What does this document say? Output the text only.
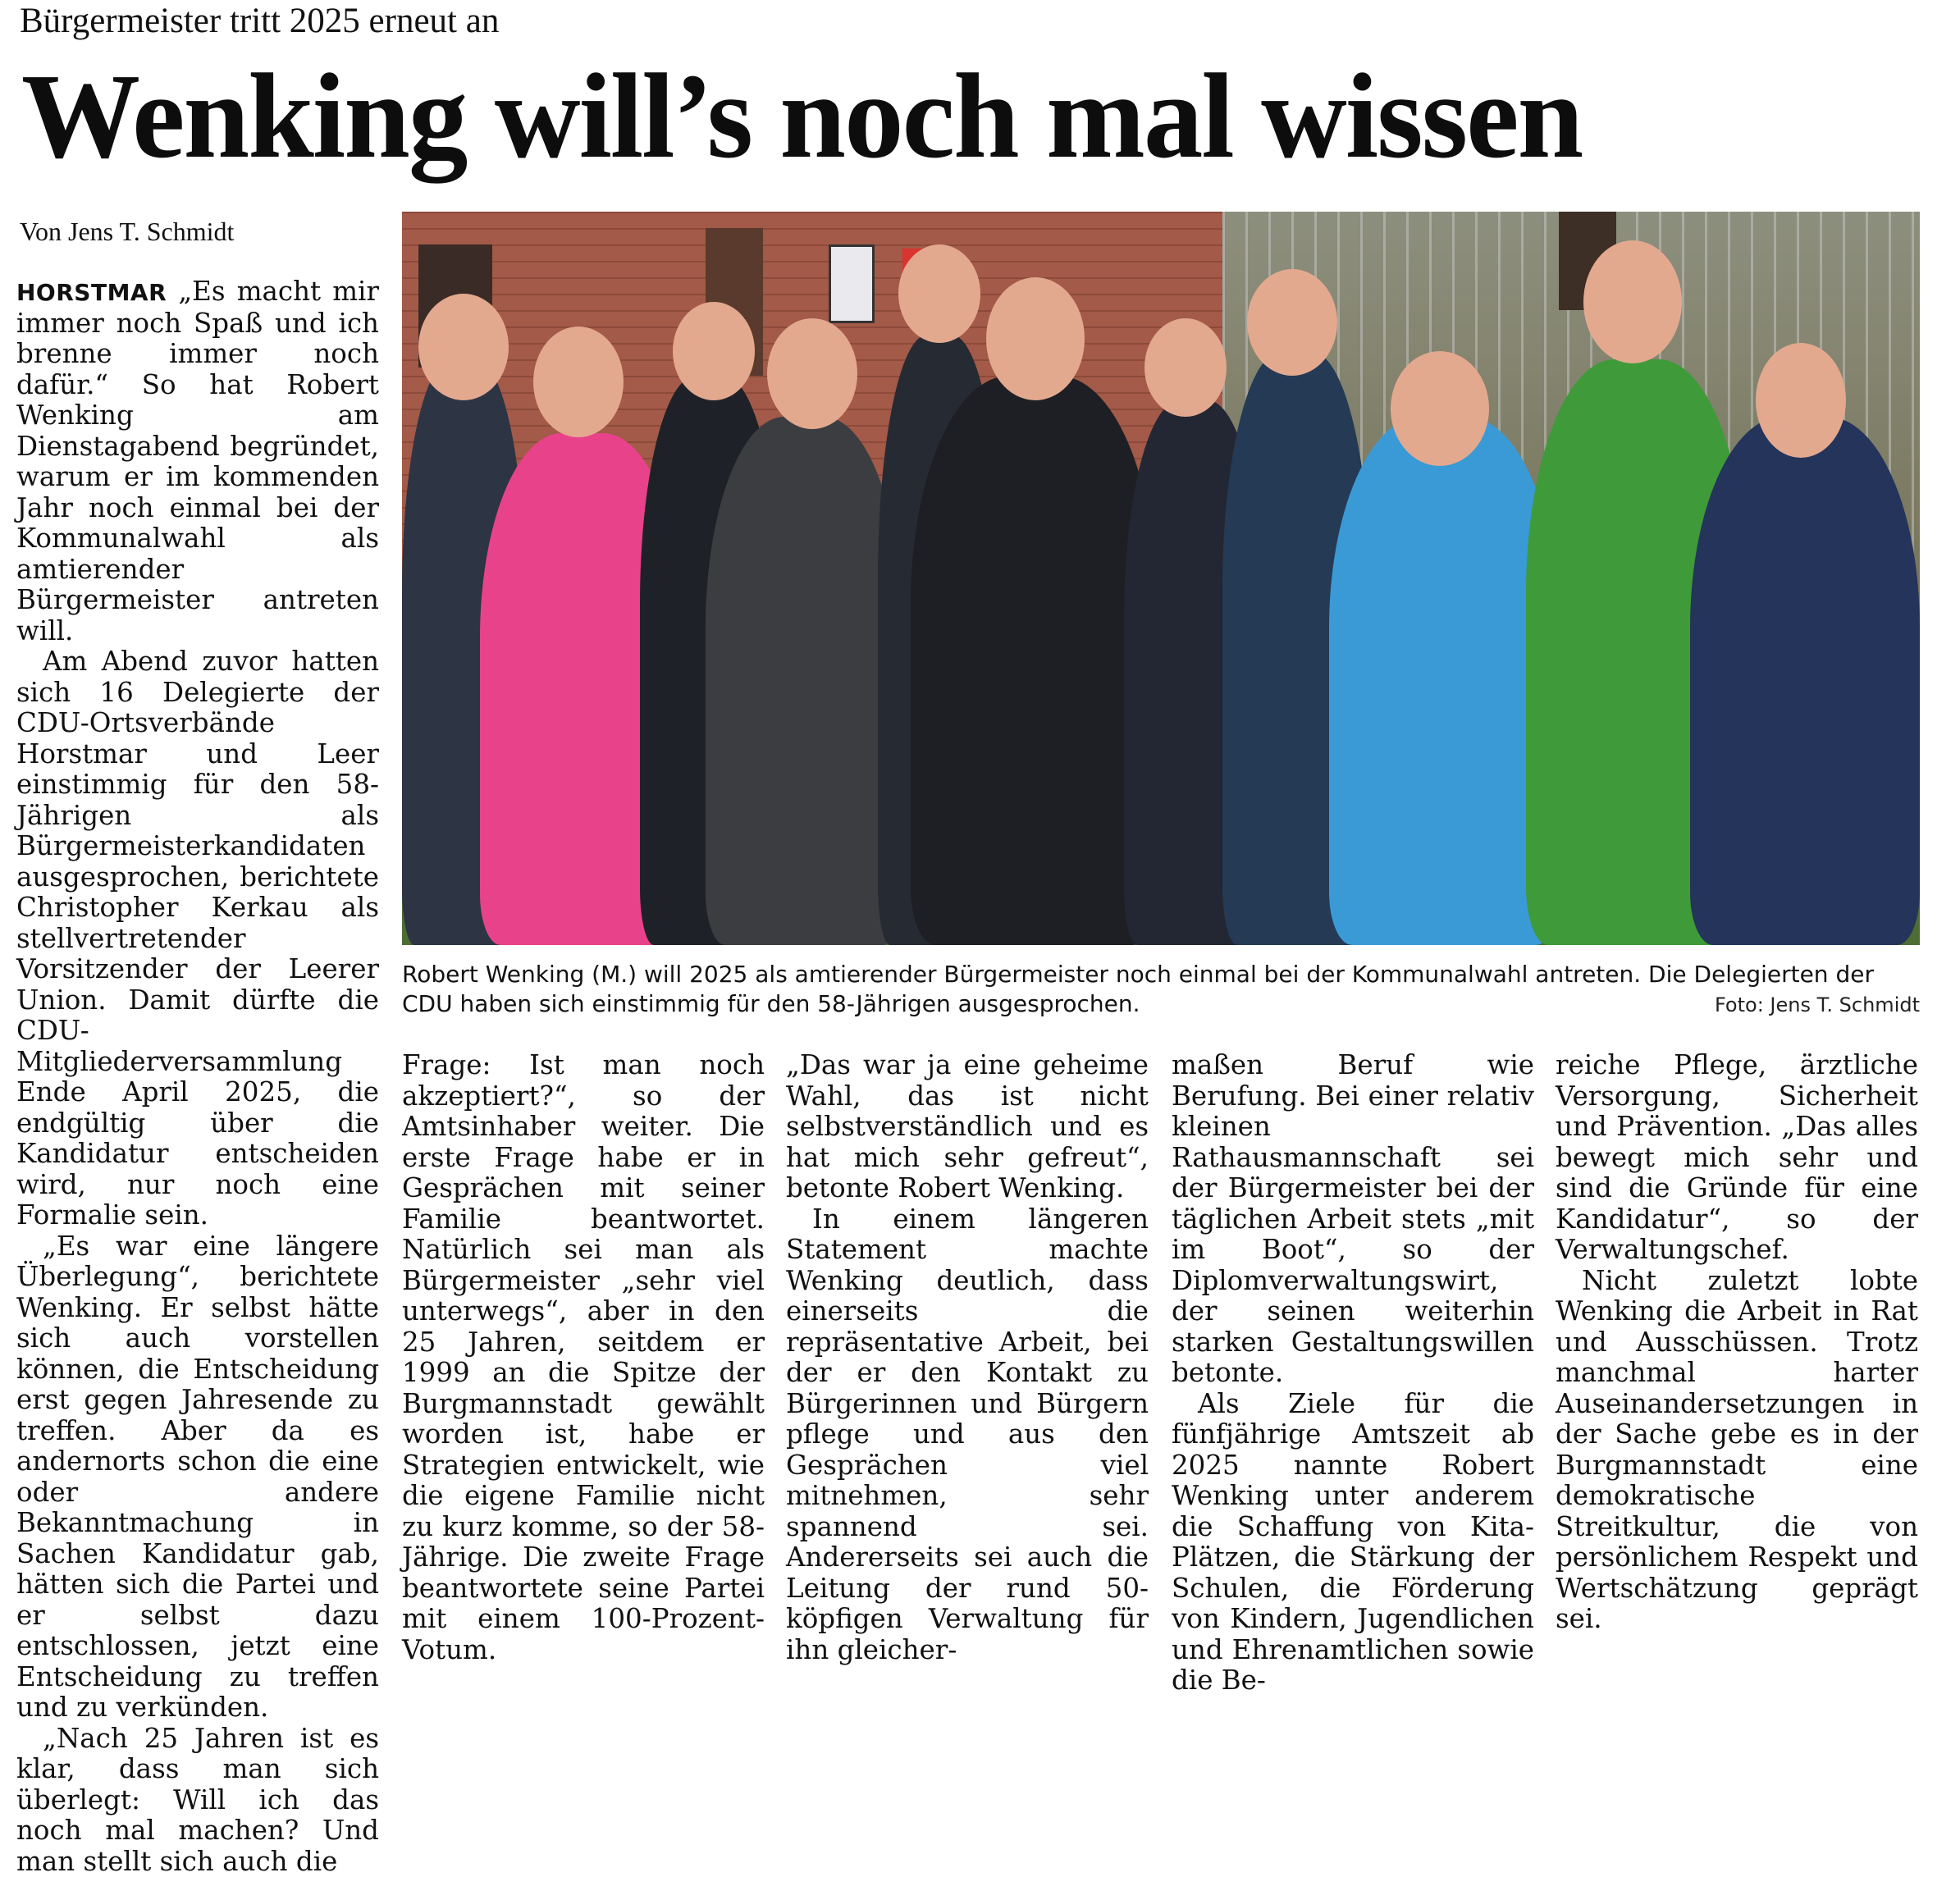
Bürgermeister tritt 2025 erneut an
Wenking will’s noch mal wissen
Von Jens T. Schmidt
Robert Wenking (M.) will 2025 als amtierender Bürgermeister noch einmal bei der Kommunalwahl antreten. Die Delegierten der CDU haben sich einstimmig für den 58-Jährigen ausgesprochen.	Foto: Jens T. Schmidt

HORSTMAR „Es macht mir immer noch Spaß und ich brenne immer noch dafür.“ So hat Robert Wenking am Dienstagabend begründet, warum er im kommenden Jahr noch einmal bei der Kommunalwahl als amtierender Bürgermeister antreten will.

Am Abend zuvor hatten sich 16 Delegierte der CDU-Ortsverbände Horstmar und Leer einstimmig für den 58-Jährigen als Bürgermeisterkandidaten ausgesprochen, berichtete Christopher Kerkau als stellvertretender Vorsitzender der Leerer Union. Damit dürfte die CDU-Mitgliederversammlung Ende April 2025, die endgültig über die Kandidatur entscheiden wird, nur noch eine Formalie sein.

„Es war eine längere Überlegung“, berichtete Wenking. Er selbst hätte sich auch vorstellen können, die Entscheidung erst gegen Jahresende zu treffen. Aber da es andernorts schon die eine oder andere Bekanntmachung in Sachen Kandidatur gab, hätten sich die Partei und er selbst dazu entschlossen, jetzt eine Entscheidung zu treffen und zu verkünden.

„Nach 25 Jahren ist es klar, dass man sich überlegt: Will ich das noch mal machen? Und man stellt sich auch die

Frage: Ist man noch akzeptiert?“, so der Amtsinhaber weiter. Die erste Frage habe er in Gesprächen mit seiner Familie beantwortet. Natürlich sei man als Bürgermeister „sehr viel unterwegs“, aber in den 25 Jahren, seitdem er 1999 an die Spitze der Burgmannstadt gewählt worden ist, habe er Strategien entwickelt, wie die eigene Familie nicht zu kurz komme, so der 58-Jährige. Die zweite Frage beantwortete seine Partei mit einem 100-Prozent-Votum.

„Das war ja eine geheime Wahl, das ist nicht selbstverständlich und es hat mich sehr gefreut“, betonte Robert Wenking.

In einem längeren Statement machte Wenking deutlich, dass einerseits die repräsentative Arbeit, bei der er den Kontakt zu Bürgerinnen und Bürgern pflege und aus den Gesprächen viel mitnehmen, sehr spannend sei. Andererseits sei auch die Leitung der rund 50-köpfigen Verwaltung für ihn gleicher-

maßen Beruf wie Berufung. Bei einer relativ kleinen Rathausmannschaft sei der Bürgermeister bei der täglichen Arbeit stets „mit im Boot“, so der Diplomverwaltungswirt, der seinen weiterhin starken Gestaltungswillen betonte.

Als Ziele für die fünfjährige Amtszeit ab 2025 nannte Robert Wenking unter anderem die Schaffung von Kita-Plätzen, die Stärkung der Schulen, die Förderung von Kindern, Jugendlichen und Ehrenamtlichen sowie die Be-

reiche Pflege, ärztliche Versorgung, Sicherheit und Prävention. „Das alles bewegt mich sehr und sind die Gründe für eine Kandidatur“, so der Verwaltungschef.

Nicht zuletzt lobte Wenking die Arbeit in Rat und Ausschüssen. Trotz manchmal harter Auseinandersetzungen in der Sache gebe es in der Burgmannstadt eine demokratische Streitkultur, die von persönlichem Respekt und Wertschätzung geprägt sei.
